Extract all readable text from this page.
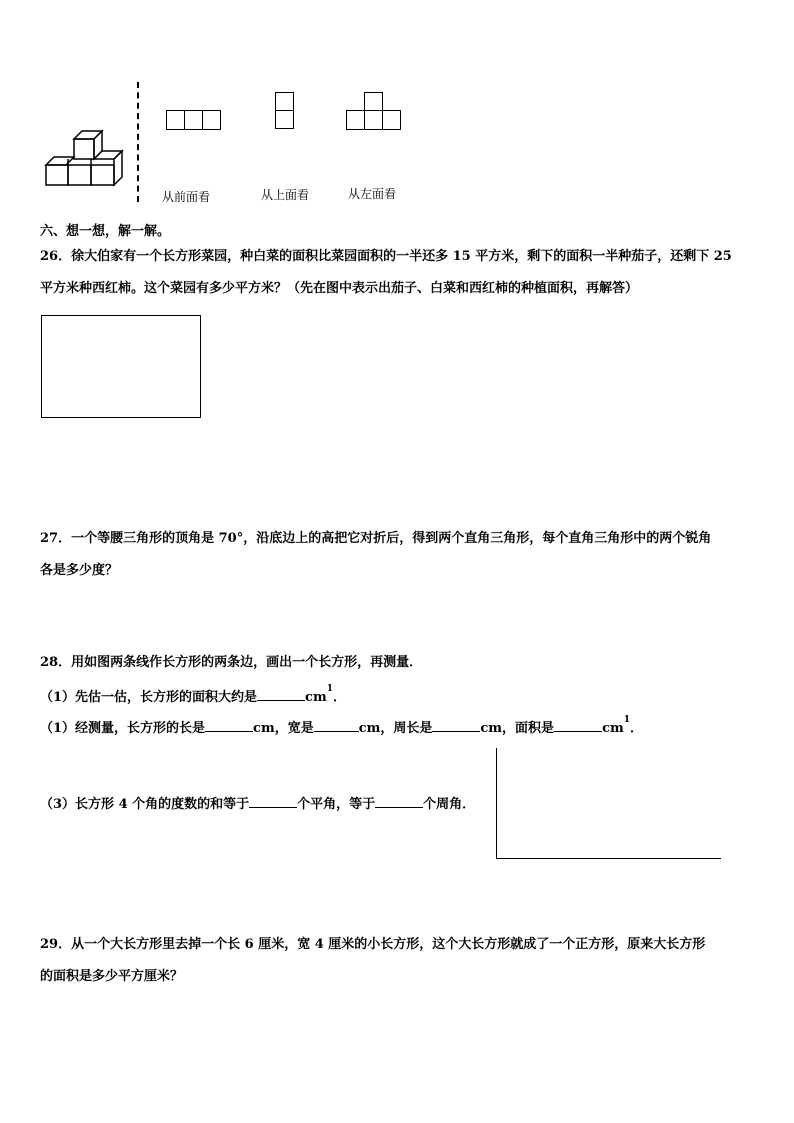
从前面看	从上面看	从左面看
六、想一想，解一解。
26．徐大伯家有一个长方形菜园，种白菜的面积比菜园面积的一半还多 15 平方米，剩下的面积一半种茄子，还剩下 25
平方米种西红柿。这个菜园有多少平方米？（先在图中表示出茄子、白菜和西红柿的种植面积，再解答）
27．一个等腰三角形的顶角是 70°，沿底边上的高把它对折后，得到两个直角三角形，每个直角三角形中的两个锐角
各是多少度？
28．用如图两条线作长方形的两条边，画出一个长方形，再测量．
（1）先估一估，长方形的面积大约是	$cm^1$．
（1）经测量，长方形的长是	cm，宽是	cm，周长是	cm，面积是	$cm^1$．
（3）长方形 4 个角的度数的和等于	个平角，等于	个周角．
29．从一个大长方形里去掉一个长 6 厘米，宽 4 厘米的小长方形，这个大长方形就成了一个正方形，原来大长方形
的面积是多少平方厘米？
